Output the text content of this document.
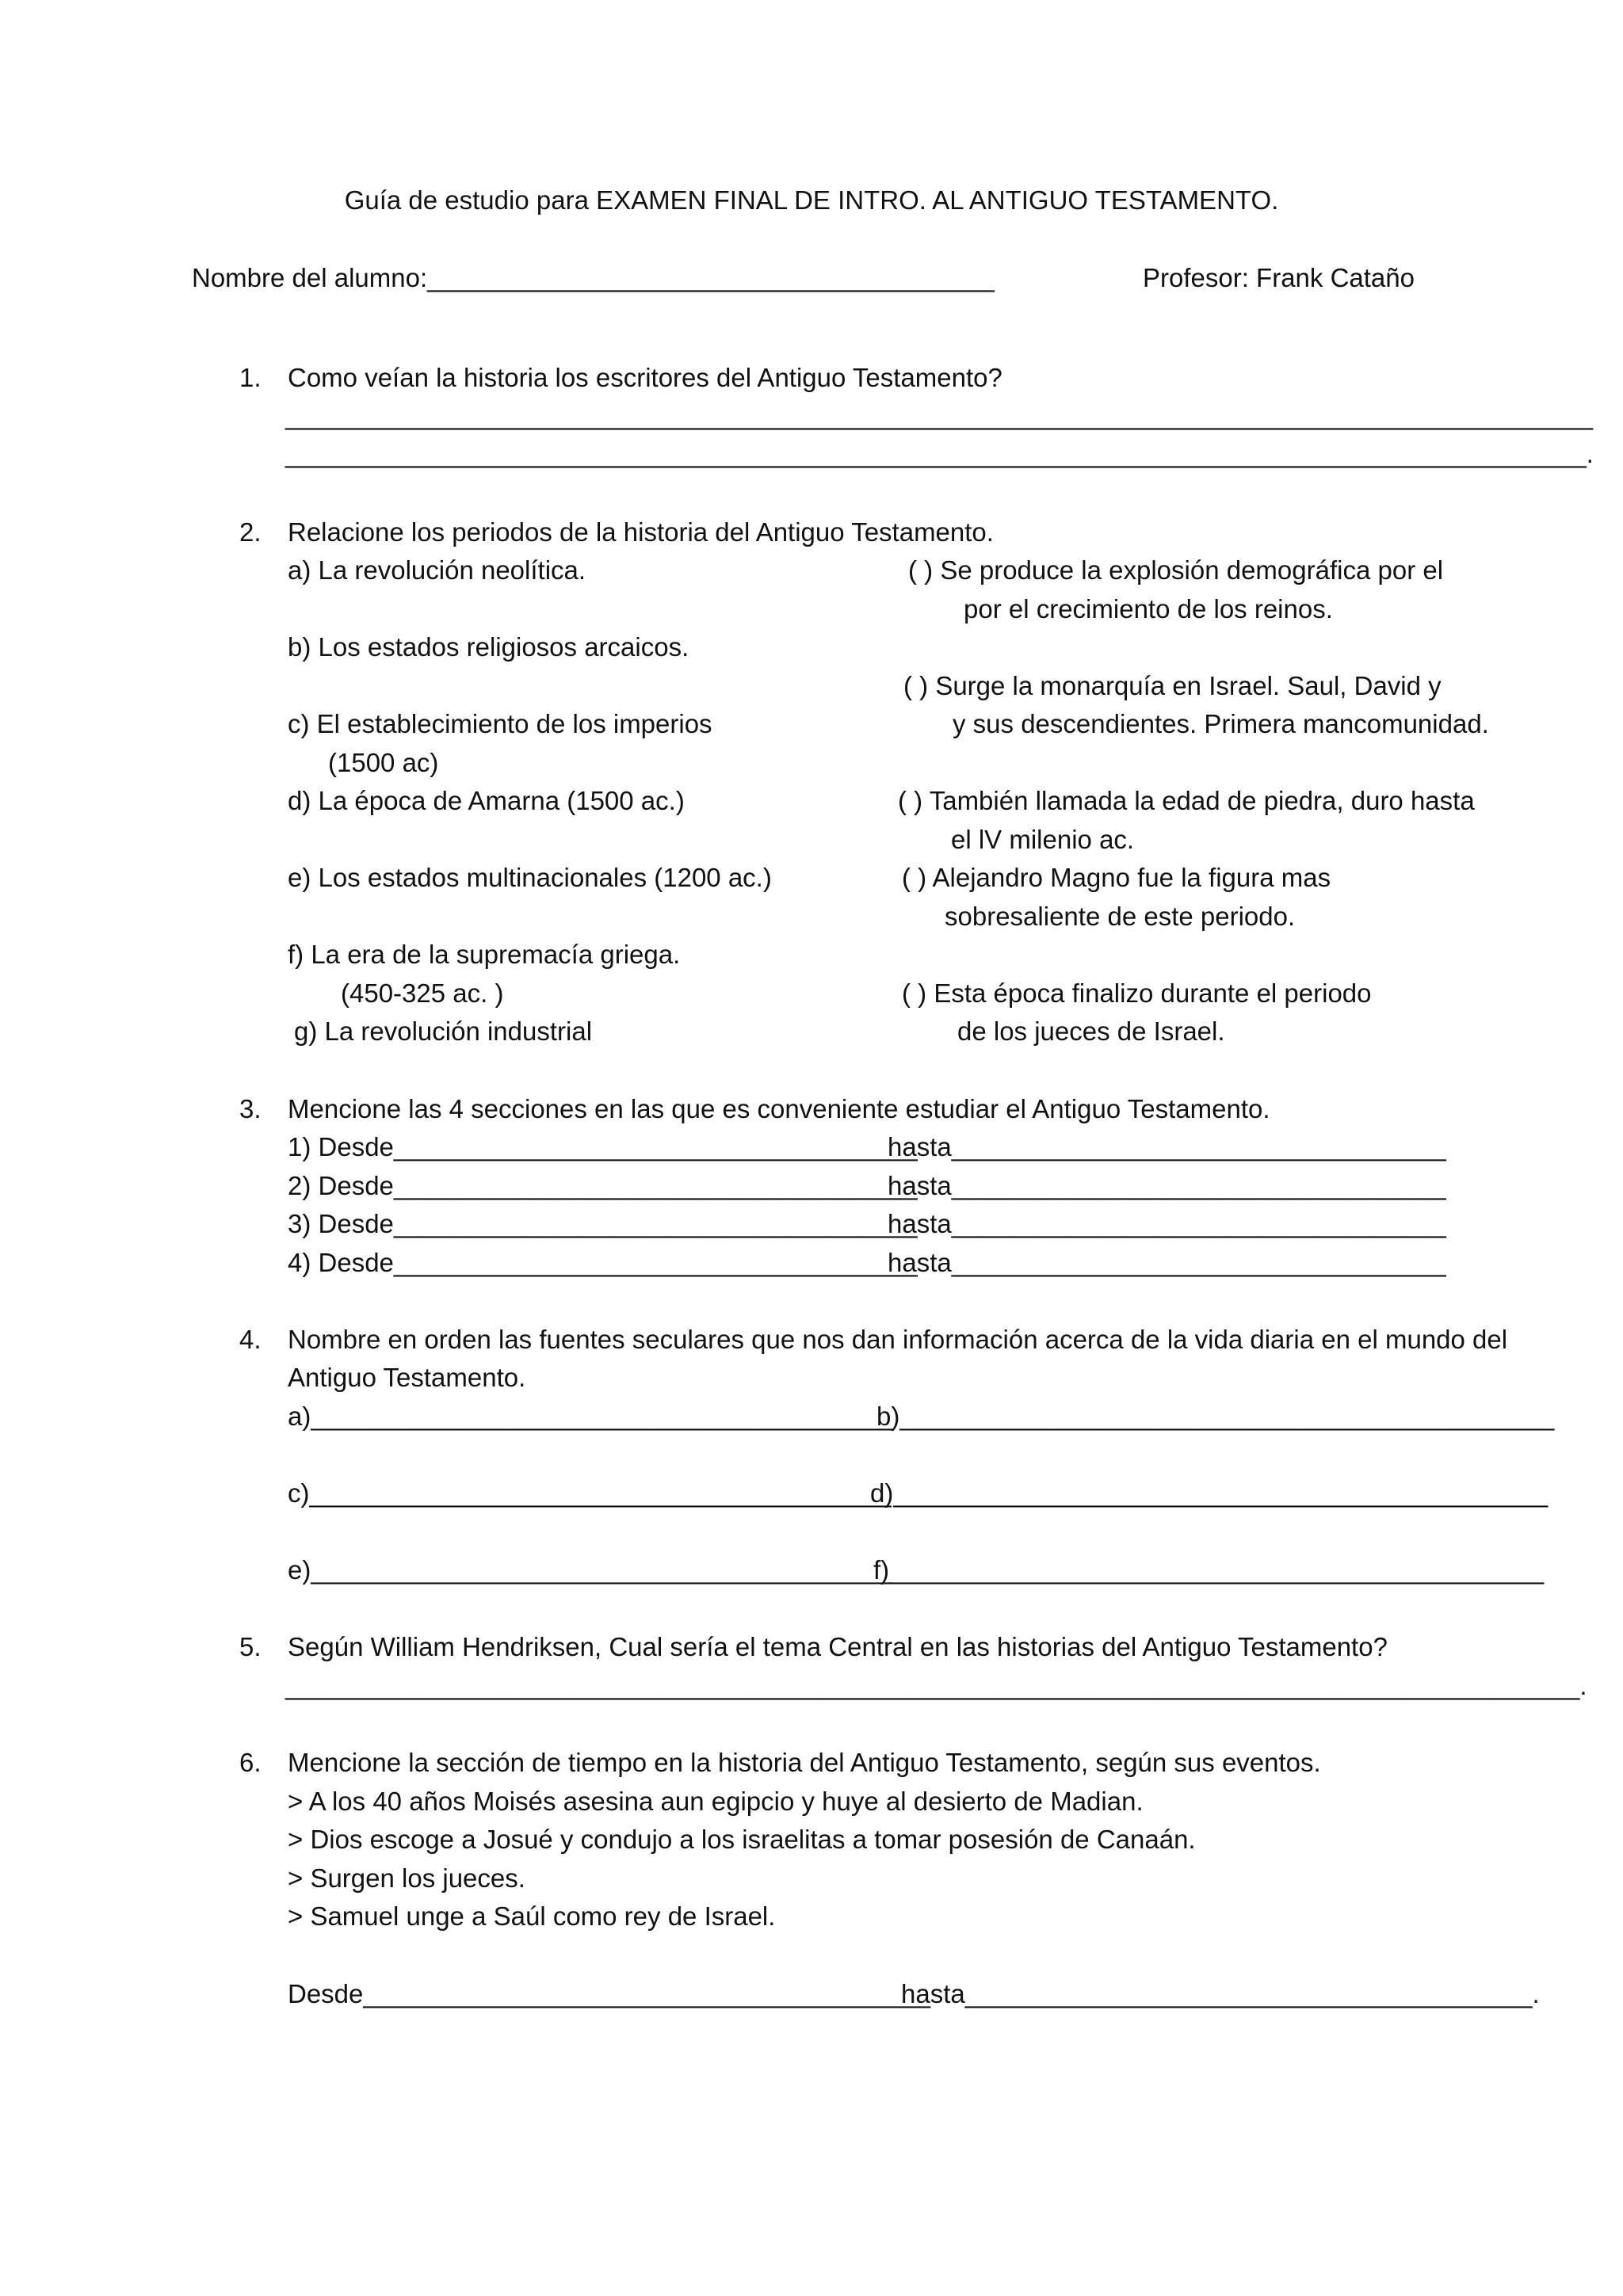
Guía de estudio para EXAMEN FINAL DE INTRO. AL ANTIGUO TESTAMENTO.
Nombre del alumno:_______________________________________	Profesor: Frank Cataño
1. Como veían la historia los escritores del Antiguo Testamento?
___________________________________________________________________________________________
___________________________________________________________________________________________.
2. Relacione los periodos de la historia del Antiguo Testamento.
a) La revolución neolítica.
b) Los estados religiosos arcaicos.
c) El establecimiento de los imperios
(1500 ac)
d) La época de Amarna (1500 ac.)
e) Los estados multinacionales (1200 ac.)
f) La era de la supremacía griega.
(450-325 ac. )
g) La revolución industrial
( ) Se produce la explosión demográfica por el
por el crecimiento de los reinos.
( ) Surge la monarquía en Israel. Saul, David y
y sus descendientes. Primera mancomunidad.
( ) También llamada la edad de piedra, duro hasta
el lV milenio ac.
( ) Alejandro Magno fue la figura mas
sobresaliente de este periodo.
( ) Esta época finalizo durante el periodo
de los jueces de Israel.
3. Mencione las 4 secciones en las que es conveniente estudiar el Antiguo Testamento.
1) Desde____________________________________
hasta__________________________________
2) Desde____________________________________
hasta__________________________________
3) Desde____________________________________
hasta__________________________________
4) Desde____________________________________
hasta__________________________________
4. Nombre en orden las fuentes seculares que nos dan información acerca de la vida diaria en el mundo del
Antiguo Testamento.
a)________________________________________
b)_____________________________________________
c)________________________________________
d)_____________________________________________
e)________________________________________
f)_____________________________________________
5. Según William Hendriksen, Cual sería el tema Central en las historias del Antiguo Testamento?
_________________________________________________________________________________________.
6. Mencione la sección de tiempo en la historia del Antiguo Testamento, según sus eventos.
> A los 40 años Moisés asesina aun egipcio y huye al desierto de Madian.
> Dios escoge a Josué y condujo a los israelitas a tomar posesión de Canaán.
> Surgen los jueces.
> Samuel unge a Saúl como rey de Israel.
Desde_______________________________________
hasta_______________________________________.
